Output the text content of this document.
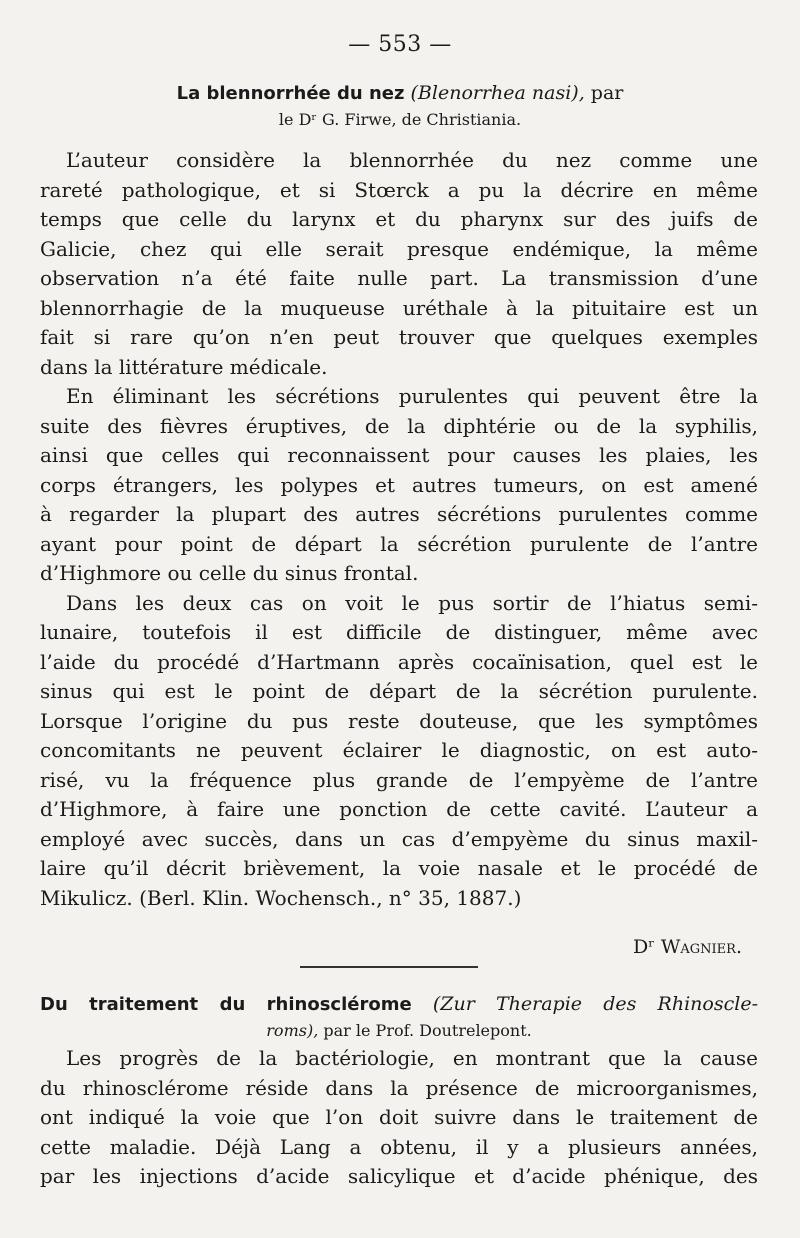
— 553 —
La blennorrhée du nez (Blenorrhea nasi), par
le Dʳ G. Firwe, de Christiania.
L’auteur considère la blennorrhée du nez comme une
rareté pathologique, et si Stœrck a pu la décrire en même
temps que celle du larynx et du pharynx sur des juifs de
Galicie, chez qui elle serait presque endémique, la même
observation n’a été faite nulle part. La transmission d’une
blennorrhagie de la muqueuse uréthale à la pituitaire est un
fait si rare qu’on n’en peut trouver que quelques exemples
dans la littérature médicale.
En éliminant les sécrétions purulentes qui peuvent être la
suite des fièvres éruptives, de la diphtérie ou de la syphilis,
ainsi que celles qui reconnaissent pour causes les plaies, les
corps étrangers, les polypes et autres tumeurs, on est amené
à regarder la plupart des autres sécrétions purulentes comme
ayant pour point de départ la sécrétion purulente de l’antre
d’Highmore ou celle du sinus frontal.
Dans les deux cas on voit le pus sortir de l’hiatus semi-
lunaire, toutefois il est difficile de distinguer, même avec
l’aide du procédé d’Hartmann après cocaïnisation, quel est le
sinus qui est le point de départ de la sécrétion purulente.
Lorsque l’origine du pus reste douteuse, que les symptômes
concomitants ne peuvent éclairer le diagnostic, on est auto-
risé, vu la fréquence plus grande de l’empyème de l’antre
d’Highmore, à faire une ponction de cette cavité. L’auteur a
employé avec succès, dans un cas d’empyème du sinus maxil-
laire qu’il décrit brièvement, la voie nasale et le procédé de
Mikulicz. (Berl. Klin. Wochensch., n° 35, 1887.)
Dʳ Wagnier.
Du traitement du rhinosclérome (Zur Therapie des Rhinoscle-
roms), par le Prof. Doutrelepont.
Les progrès de la bactériologie, en montrant que la cause
du rhinosclérome réside dans la présence de microorganismes,
ont indiqué la voie que l’on doit suivre dans le traitement de
cette maladie. Déjà Lang a obtenu, il y a plusieurs années,
par les injections d’acide salicylique et d’acide phénique, des
